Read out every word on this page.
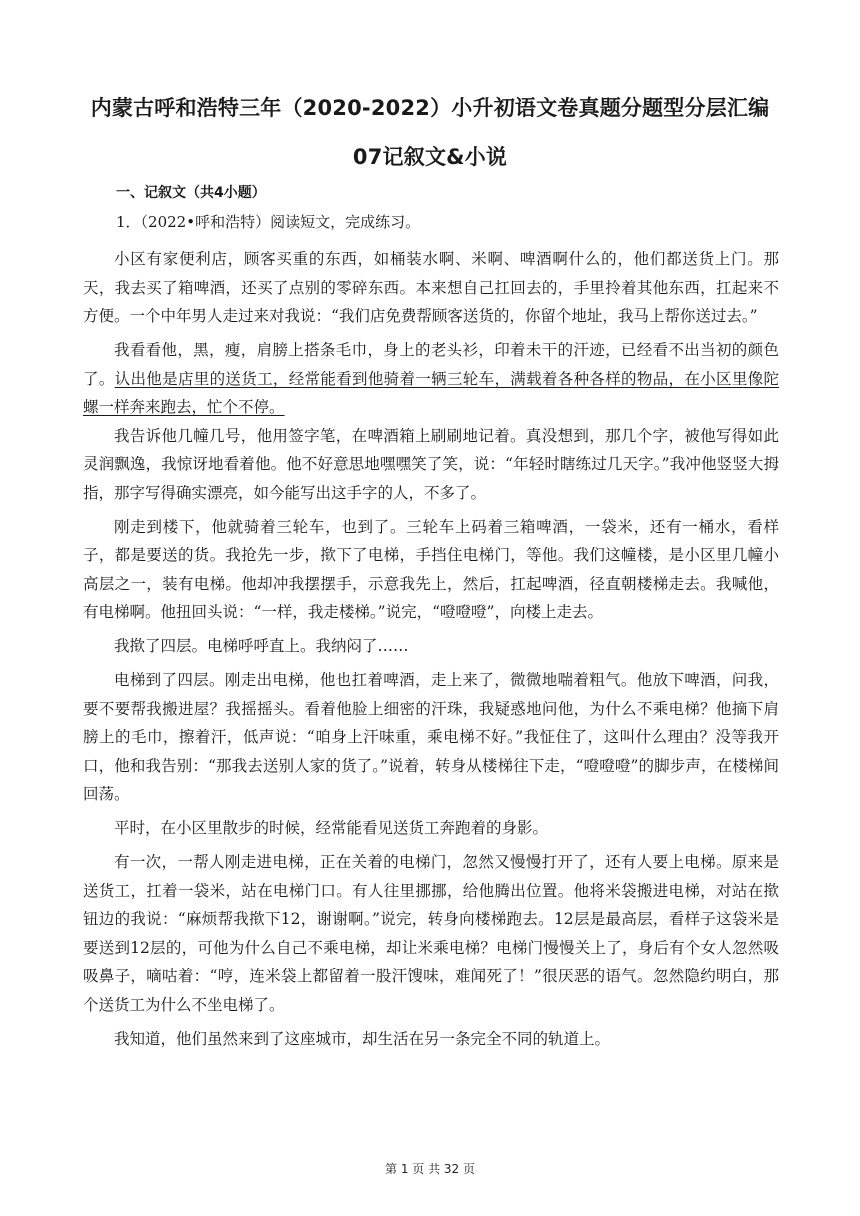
内蒙古呼和浩特三年（2020-2022）小升初语文卷真题分题型分层汇编
07记叙文&小说
一、记叙文（共4小题）
1．（2022•呼和浩特）阅读短文，完成练习。

小区有家便利店，顾客买重的东西，如桶装水啊、米啊、啤酒啊什么的，他们都送货上门。那天，我去买了箱啤酒，还买了点别的零碎东西。本来想自己扛回去的，手里拎着其他东西，扛起来不方便。一个中年男人走过来对我说：“我们店免费帮顾客送货的，你留个地址，我马上帮你送过去。”

我看看他，黑，瘦，肩膀上搭条毛巾，身上的老头衫，印着未干的汗迹，已经看不出当初的颜色了。认出他是店里的送货工，经常能看到他骑着一辆三轮车，满载着各种各样的物品，在小区里像陀螺一样奔来跑去，忙个不停。

我告诉他几幢几号，他用签字笔，在啤酒箱上刷刷地记着。真没想到，那几个字，被他写得如此灵润飘逸，我惊讶地看着他。他不好意思地嘿嘿笑了笑，说：“年轻时瞎练过几天字。”我冲他竖竖大拇指，那字写得确实漂亮，如今能写出这手字的人，不多了。

刚走到楼下，他就骑着三轮车，也到了。三轮车上码着三箱啤酒，一袋米，还有一桶水，看样子，都是要送的货。我抢先一步，揿下了电梯，手挡住电梯门，等他。我们这幢楼，是小区里几幢小高层之一，装有电梯。他却冲我摆摆手，示意我先上，然后，扛起啤酒，径直朝楼梯走去。我喊他，有电梯啊。他扭回头说：“一样，我走楼梯。”说完，“噔噔噔”，向楼上走去。

我揿了四层。电梯呼呼直上。我纳闷了……

电梯到了四层。刚走出电梯，他也扛着啤酒，走上来了，微微地喘着粗气。他放下啤酒，问我，要不要帮我搬进屋？我摇摇头。看着他脸上细密的汗珠，我疑惑地问他，为什么不乘电梯？他摘下肩膀上的毛巾，擦着汗，低声说：“咱身上汗味重，乘电梯不好。”我怔住了，这叫什么理由？没等我开口，他和我告别：“那我去送别人家的货了。”说着，转身从楼梯往下走，“噔噔噔”的脚步声，在楼梯间回荡。

平时，在小区里散步的时候，经常能看见送货工奔跑着的身影。

有一次，一帮人刚走进电梯，正在关着的电梯门，忽然又慢慢打开了，还有人要上电梯。原来是送货工，扛着一袋米，站在电梯门口。有人往里挪挪，给他腾出位置。他将米袋搬进电梯，对站在揿钮边的我说：“麻烦帮我揿下12，谢谢啊。”说完，转身向楼梯跑去。12层是最高层，看样子这袋米是要送到12层的，可他为什么自己不乘电梯，却让米乘电梯？电梯门慢慢关上了，身后有个女人忽然吸吸鼻子，嘀咕着：“哼，连米袋上都留着一股汗馊味，难闻死了！”很厌恶的语气。忽然隐约明白，那个送货工为什么不坐电梯了。

我知道，他们虽然来到了这座城市，却生活在另一条完全不同的轨道上。

第 1 页 共 32 页
